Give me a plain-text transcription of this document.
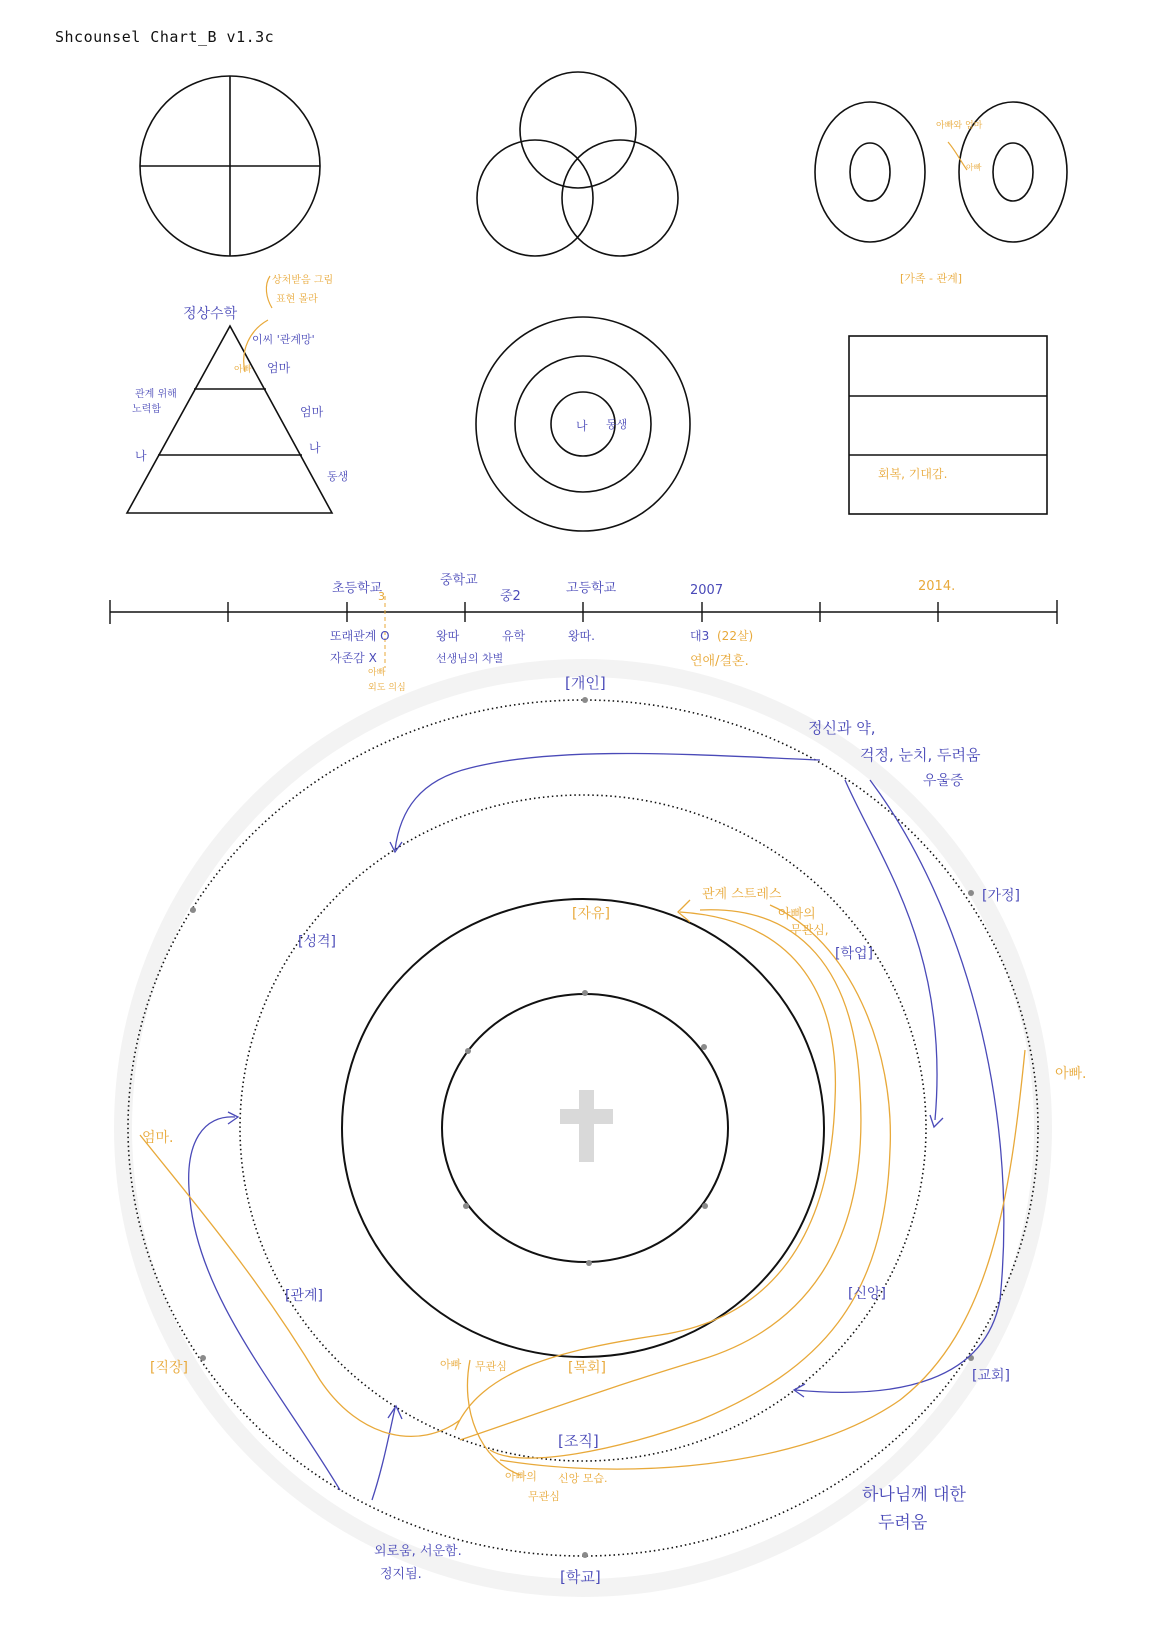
Shcounsel Chart_B v1.3c
아빠와 엄마
아빠
[가족 - 관계]
정상수학
상처받음 그림
표현 몰라
이씨 '관계망'
아빠 엄마
엄마
나
동생
관계 위해
노력함
나
나 동생
회복, 기대감.
초등학교
중학교
중2
고등학교	2007	2014.
또래관계 O
자존감 X
왕따
선생님의 차별
유학	왕따.	대3 (22살)
연애/결혼.
3
아빠
외도 의심	[개인]
[가정]
[학업]
[신앙]
[교회]
[학교]
[직장]
[관계]
[성격]
[자유]
[목회]
[조직]
정신과 약,
걱정, 눈치, 두려움
우울증
관계 스트레스
아빠의
무관심,
아빠.
엄마.
아빠 무관심
아빠의
무관심
신앙 모습.
하나님께 대한
두려움
외로움, 서운함.
정지됨.
